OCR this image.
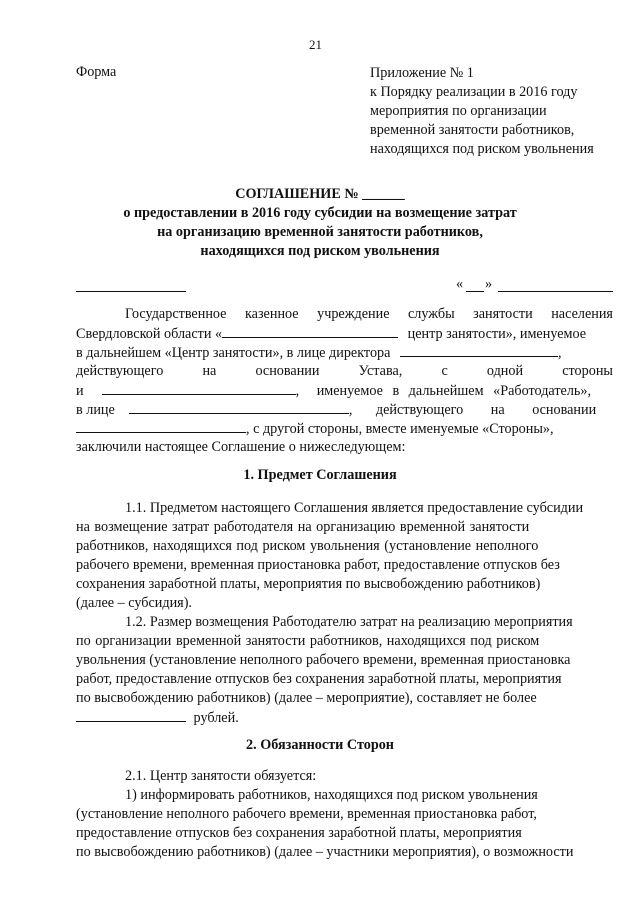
21
Форма	Приложение № 1
к Порядку реализации в 2016 году
мероприятия по организации
временной занятости работников,
находящихся под риском увольнения
СОГЛАШЕНИЕ № ______
о предоставлении в 2016 году субсидии на возмещение затрат
на организацию временной занятости работников,
находящихся под риском увольнения
« »
Государственное казенное учреждение службы занятости населения
Свердловской области «	центр занятости», именуемое
в дальнейшем «Центр занятости», в лице директора	,
действующего	на	основании	Устава,	с	одной	стороны
и	, именуемое в дальнейшем «Работодатель»,
в лице	, действующего на основании
, с другой стороны, вместе именуемые «Стороны»,
заключили настоящее Соглашение о нижеследующем:
1. Предмет Соглашения
1.1. Предметом настоящего Соглашения является предоставление субсидии
на возмещение затрат работодателя на организацию временной занятости
работников, находящихся под риском увольнения (установление неполного
рабочего времени, временная приостановка работ, предоставление отпусков без
сохранения заработной платы, мероприятия по высвобождению работников)
(далее – субсидия).
1.2. Размер возмещения Работодателю затрат на реализацию мероприятия
по организации временной занятости работников, находящихся под риском
увольнения (установление неполного рабочего времени, временная приостановка
работ, предоставление отпусков без сохранения заработной платы, мероприятия
по высвобождению работников) (далее – мероприятие), составляет не более
рублей.
2. Обязанности Сторон
2.1. Центр занятости обязуется:
1) информировать работников, находящихся под риском увольнения
(установление неполного рабочего времени, временная приостановка работ,
предоставление отпусков без сохранения заработной платы, мероприятия
по высвобождению работников) (далее – участники мероприятия), о возможности
